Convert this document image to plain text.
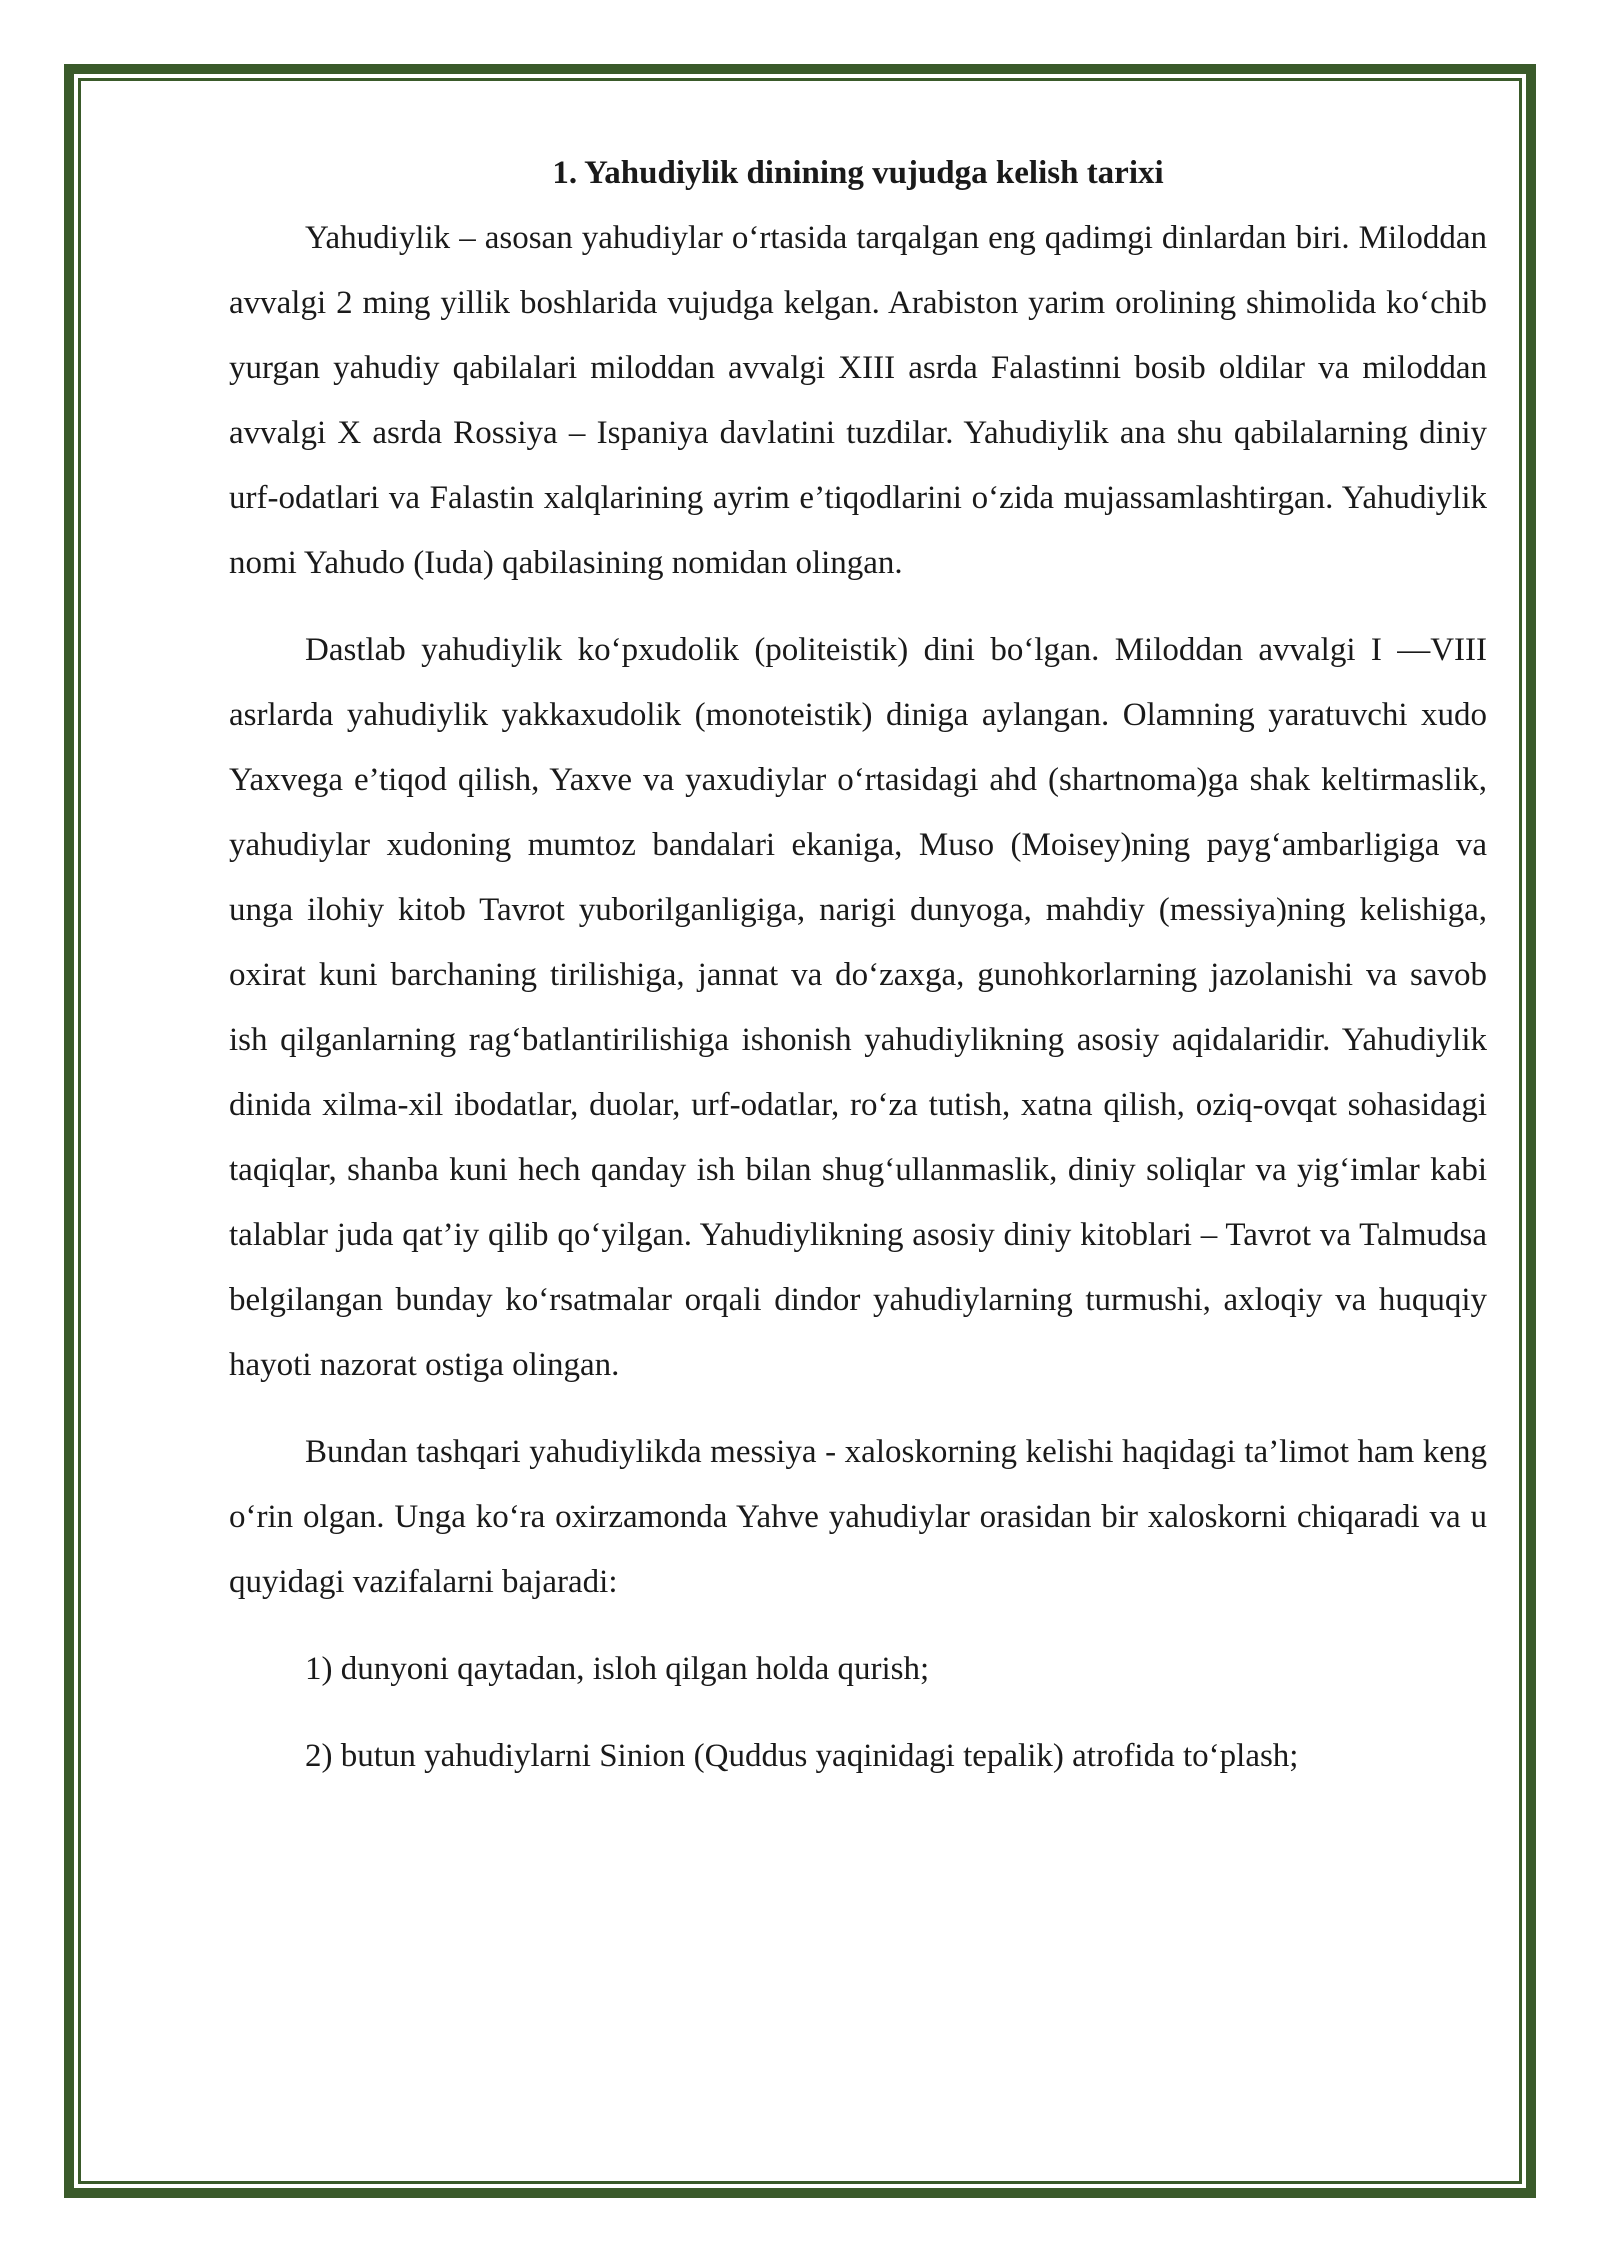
1. Yahudiylik dinining vujudga kelish tarixi

Yahudiylik – asosan yahudiylar o‘rtasida tarqalgan eng qadimgi dinlardan biri. Miloddan avvalgi 2 ming yillik boshlarida vujudga kelgan. Arabiston yarim orolining shimolida ko‘chib yurgan yahudiy qabilalari miloddan avvalgi XIII asrda Falastinni bosib oldilar va miloddan avvalgi X asrda Rossiya – Ispaniya davlatini tuzdilar. Yahudiylik ana shu qabilalarning diniy urf-odatlari va Falastin xalqlarining ayrim e’tiqodlarini o‘zida mujassamlashtirgan. Yahudiylik nomi Yahudo (Iuda) qabilasining nomidan olingan.

Dastlab yahudiylik ko‘pxudolik (politeistik) dini bo‘lgan. Miloddan avvalgi I —VIII asrlarda yahudiylik yakkaxudolik (monoteistik) diniga aylangan. Olamning yaratuvchi xudo Yaxvega e’tiqod qilish, Yaxve va yaxudiylar o‘rtasidagi ahd (shartnoma)ga shak keltirmaslik, yahudiylar xudoning mumtoz bandalari ekaniga, Muso (Moisey)ning payg‘ambarligiga va unga ilohiy kitob Tavrot yuborilganligiga, narigi dunyoga, mahdiy (messiya)ning kelishiga, oxirat kuni barchaning tirilishiga, jannat va do‘zaxga, gunohkorlarning jazolanishi va savob ish qilganlarning rag‘batlantirilishiga ishonish yahudiylikning asosiy aqidalaridir. Yahudiylik dinida xilma-xil ibodatlar, duolar, urf-odatlar, ro‘za tutish, xatna qilish, oziq-ovqat sohasidagi taqiqlar, shanba kuni hech qanday ish bilan shug‘ullanmaslik, diniy soliqlar va yig‘imlar kabi talablar juda qat’iy qilib qo‘yilgan. Yahudiylikning asosiy diniy kitoblari – Tavrot va Talmudsa belgilangan bunday ko‘rsatmalar orqali dindor yahudiylarning turmushi, axloqiy va huquqiy hayoti nazorat ostiga olingan.

Bundan tashqari yahudiylikda messiya - xaloskorning kelishi haqidagi ta’limot ham keng o‘rin olgan. Unga ko‘ra oxirzamonda Yahve yahudiylar orasidan bir xaloskorni chiqaradi va u quyidagi vazifalarni bajaradi:

1) dunyoni qaytadan, isloh qilgan holda qurish;

2) butun yahudiylarni Sinion (Quddus yaqinidagi tepalik) atrofida to‘plash;
